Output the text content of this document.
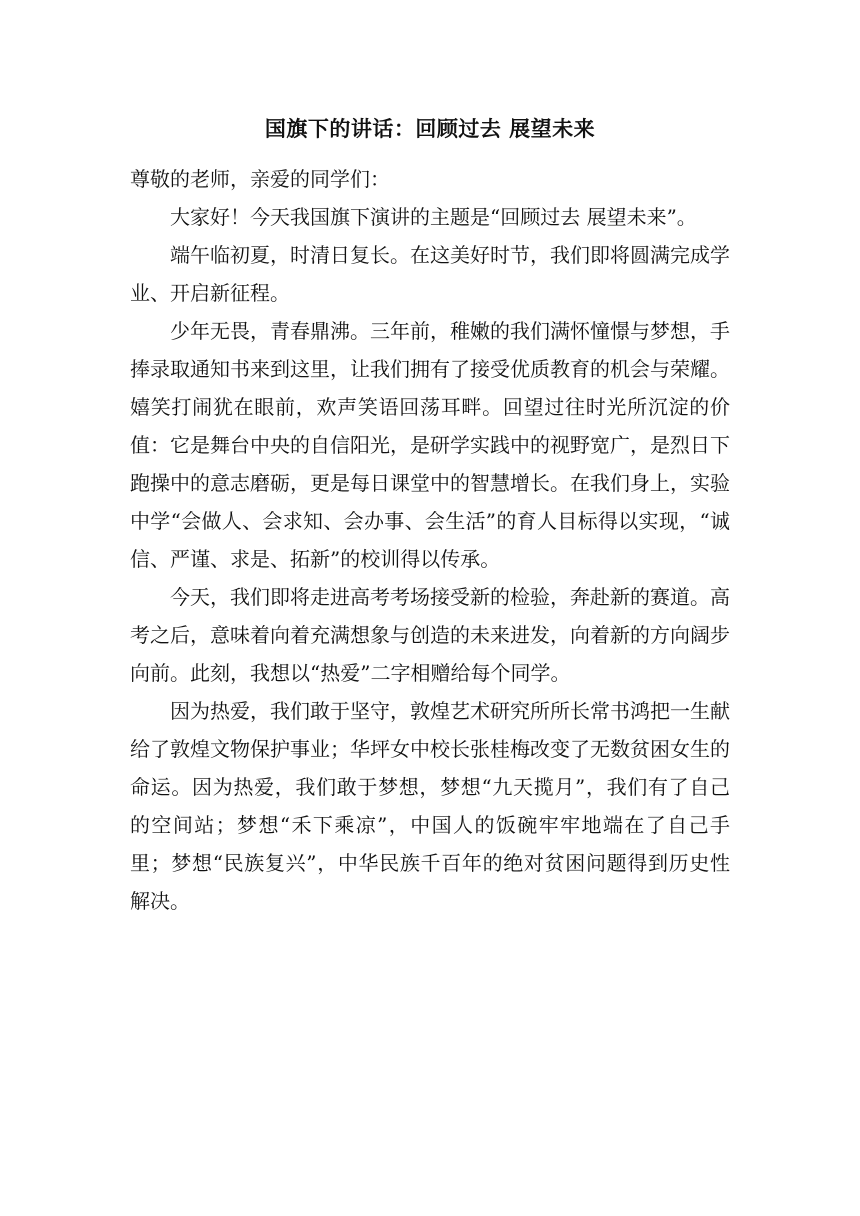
国旗下的讲话：回顾过去 展望未来

尊敬的老师，亲爱的同学们：

大家好！今天我国旗下演讲的主题是“回顾过去 展望未来”。

端午临初夏，时清日复长。在这美好时节，我们即将圆满完成学业、开启新征程。

少年无畏，青春鼎沸。三年前，稚嫩的我们满怀憧憬与梦想，手捧录取通知书来到这里，让我们拥有了接受优质教育的机会与荣耀。嬉笑打闹犹在眼前，欢声笑语回荡耳畔。回望过往时光所沉淀的价值：它是舞台中央的自信阳光，是研学实践中的视野宽广，是烈日下跑操中的意志磨砺，更是每日课堂中的智慧增长。在我们身上，实验中学“会做人、会求知、会办事、会生活”的育人目标得以实现，“诚信、严谨、求是、拓新”的校训得以传承。

今天，我们即将走进高考考场接受新的检验，奔赴新的赛道。高考之后，意味着向着充满想象与创造的未来进发，向着新的方向阔步向前。此刻，我想以“热爱”二字相赠给每个同学。

因为热爱，我们敢于坚守，敦煌艺术研究所所长常书鸿把一生献给了敦煌文物保护事业；华坪女中校长张桂梅改变了无数贫困女生的命运。因为热爱，我们敢于梦想，梦想“九天揽月”，我们有了自己的空间站；梦想“禾下乘凉”，中国人的饭碗牢牢地端在了自己手里；梦想“民族复兴”，中华民族千百年的绝对贫困问题得到历史性解决。
